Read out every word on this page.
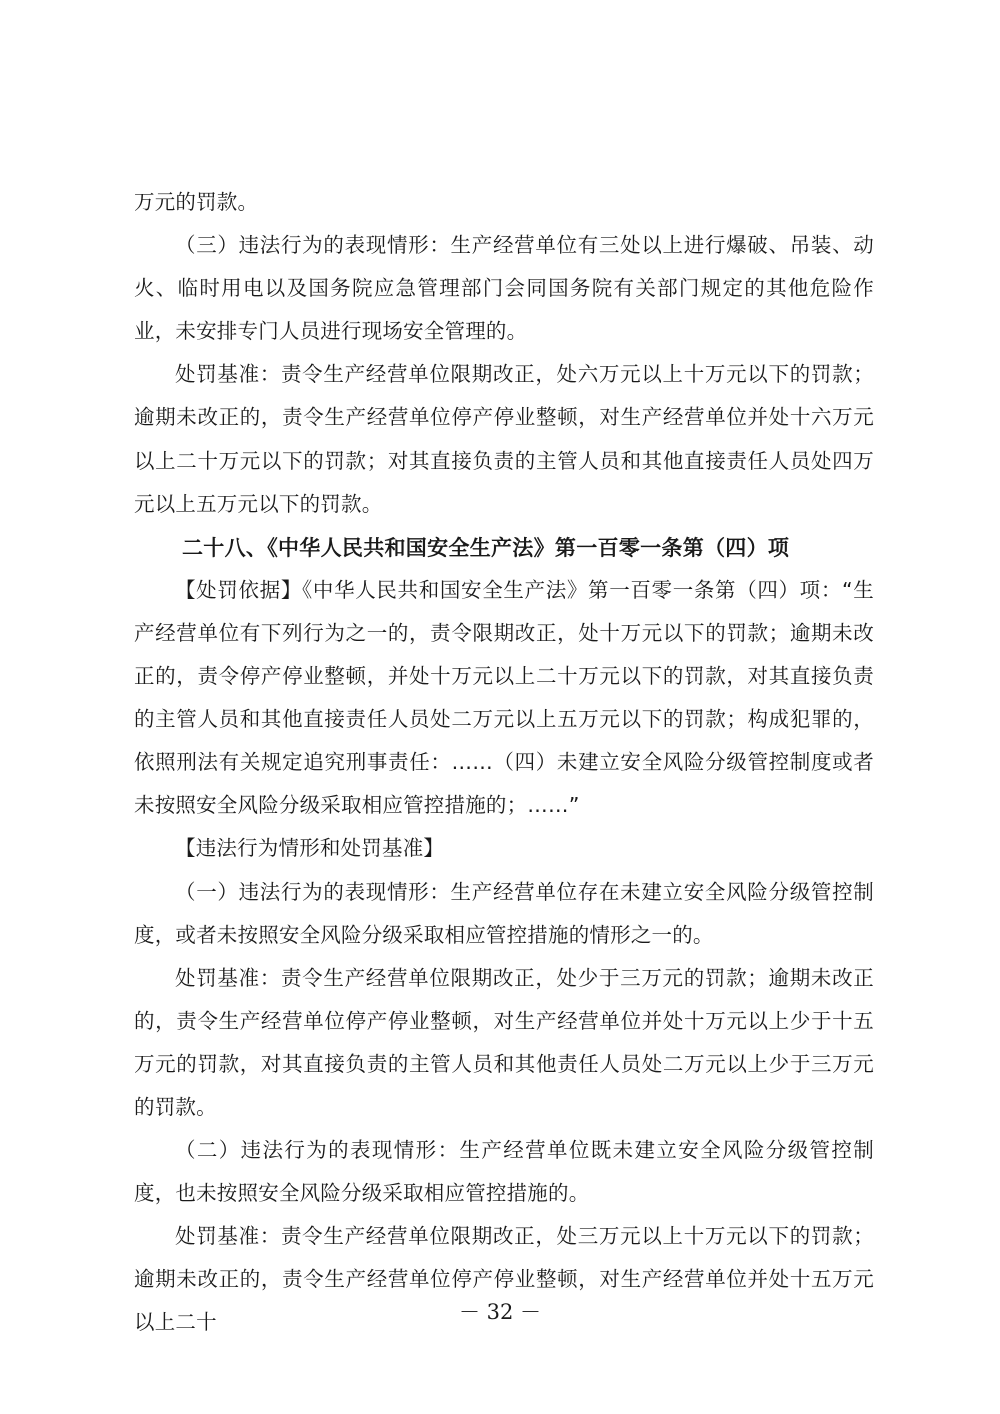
万元的罚款。

（三）违法行为的表现情形：生产经营单位有三处以上进行爆破、吊装、动火、临时用电以及国务院应急管理部门会同国务院有关部门规定的其他危险作业，未安排专门人员进行现场安全管理的。

处罚基准：责令生产经营单位限期改正，处六万元以上十万元以下的罚款；逾期未改正的，责令生产经营单位停产停业整顿，对生产经营单位并处十六万元以上二十万元以下的罚款；对其直接负责的主管人员和其他直接责任人员处四万元以上五万元以下的罚款。

二十八、《中华人民共和国安全生产法》第一百零一条第（四）项

【处罚依据】《中华人民共和国安全生产法》第一百零一条第（四）项：“生产经营单位有下列行为之一的，责令限期改正，处十万元以下的罚款；逾期未改正的，责令停产停业整顿，并处十万元以上二十万元以下的罚款，对其直接负责的主管人员和其他直接责任人员处二万元以上五万元以下的罚款；构成犯罪的，依照刑法有关规定追究刑事责任：……（四）未建立安全风险分级管控制度或者未按照安全风险分级采取相应管控措施的；……”

【违法行为情形和处罚基准】

（一）违法行为的表现情形：生产经营单位存在未建立安全风险分级管控制度，或者未按照安全风险分级采取相应管控措施的情形之一的。

处罚基准：责令生产经营单位限期改正，处少于三万元的罚款；逾期未改正的，责令生产经营单位停产停业整顿，对生产经营单位并处十万元以上少于十五万元的罚款，对其直接负责的主管人员和其他责任人员处二万元以上少于三万元的罚款。

（二）违法行为的表现情形：生产经营单位既未建立安全风险分级管控制度，也未按照安全风险分级采取相应管控措施的。

处罚基准：责令生产经营单位限期改正，处三万元以上十万元以下的罚款；逾期未改正的，责令生产经营单位停产停业整顿，对生产经营单位并处十五万元以上二十	－ 32 －
